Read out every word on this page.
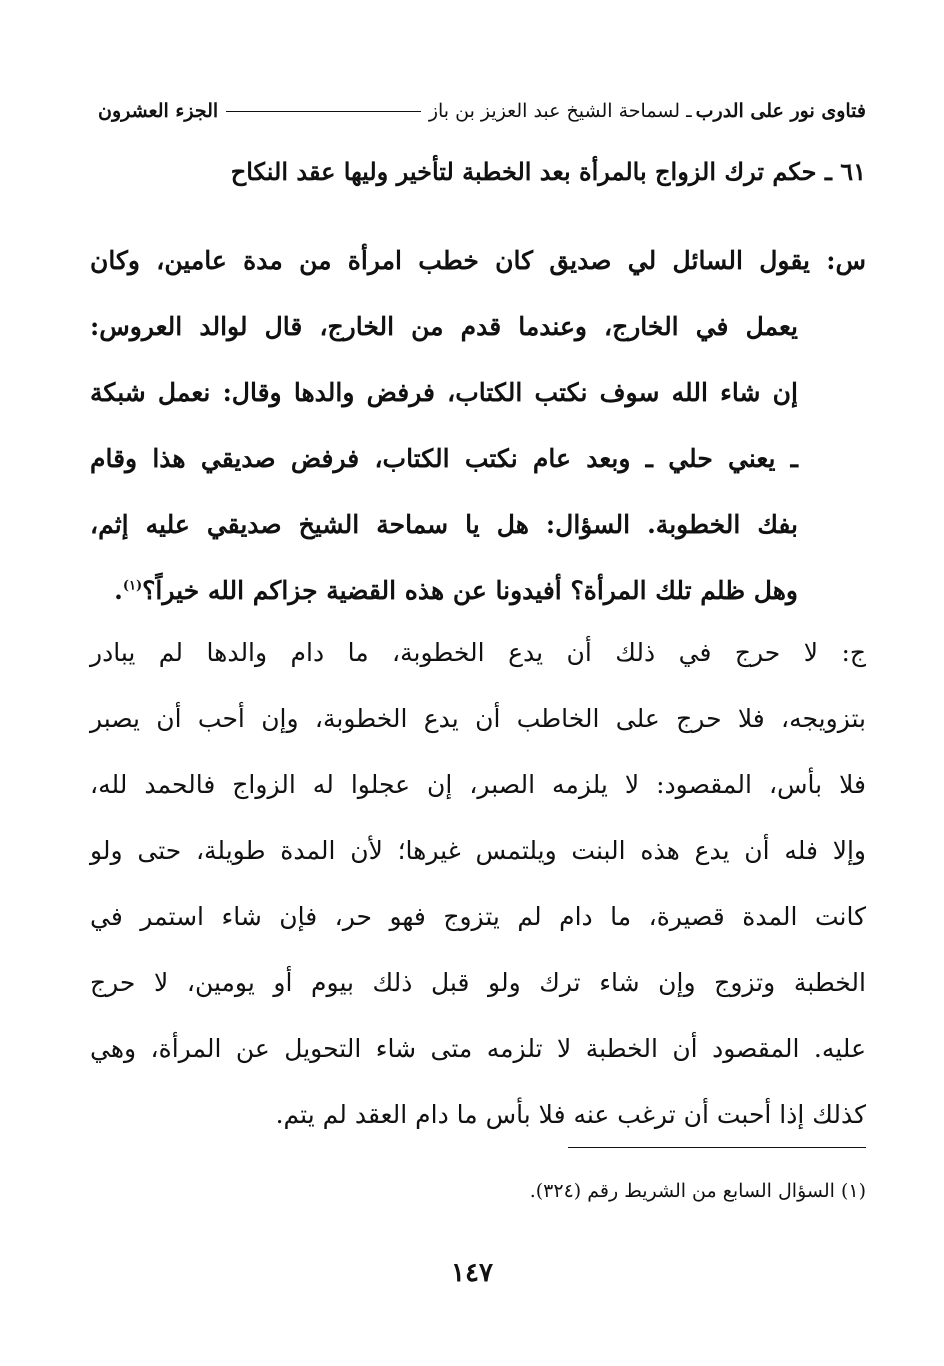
فتاوى نور على الدرب
ـ لسماحة الشيخ عبد العزيز بن باز
الجزء العشرون
٦١ ـ حكم ترك الزواج بالمرأة بعد الخطبة لتأخير وليها عقد النكاح
س: يقول السائل لي صديق كان خطب امرأة من مدة عامين، وكان
يعمل في الخارج، وعندما قدم من الخارج، قال لوالد العروس:
إن شاء الله سوف نكتب الكتاب، فرفض والدها وقال: نعمل شبكة
ـ يعني حلي ـ وبعد عام نكتب الكتاب، فرفض صديقي هذا وقام
بفك الخطوبة. السؤال: هل يا سماحة الشيخ صديقي عليه إثم،
وهل ظلم تلك المرأة؟ أفيدونا عن هذه القضية جزاكم الله خيراً؟$^{(١)}$.
ج: لا حرج في ذلك أن يدع الخطوبة، ما دام والدها لم يبادر
بتزويجه، فلا حرج على الخاطب أن يدع الخطوبة، وإن أحب أن يصبر
فلا بأس، المقصود: لا يلزمه الصبر، إن عجلوا له الزواج فالحمد لله،
وإلا فله أن يدع هذه البنت ويلتمس غيرها؛ لأن المدة طويلة، حتى ولو
كانت المدة قصيرة، ما دام لم يتزوج فهو حر، فإن شاء استمر في
الخطبة وتزوج وإن شاء ترك ولو قبل ذلك بيوم أو يومين، لا حرج
عليه. المقصود أن الخطبة لا تلزمه متى شاء التحويل عن المرأة، وهي
كذلك إذا أحبت أن ترغب عنه فلا بأس ما دام العقد لم يتم.
(١) السؤال السابع من الشريط رقم (٣٢٤).
١٤٧
